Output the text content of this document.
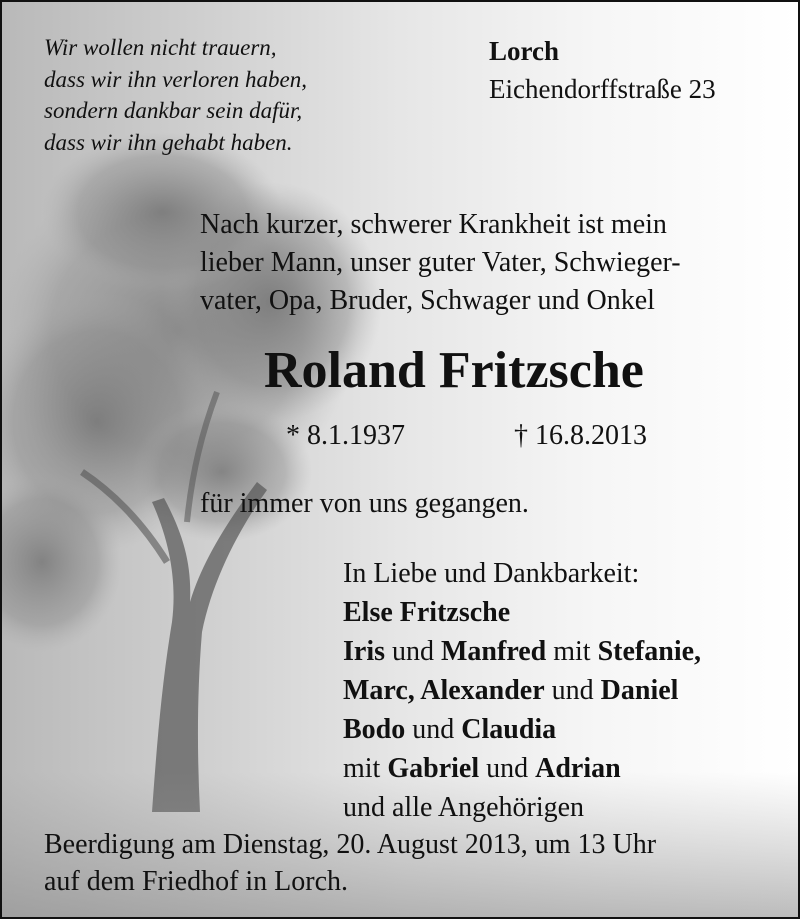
Wir wollen nicht trauern,
dass wir ihn verloren haben,
sondern dankbar sein dafür,
dass wir ihn gehabt haben.
Lorch
Eichendorffstraße 23
Nach kurzer, schwerer Krankheit ist mein
lieber Mann, unser guter Vater, Schwieger-
vater, Opa, Bruder, Schwager und Onkel
Roland Fritzsche
* 8.1.1937	† 16.8.2013
für immer von uns gegangen.
In Liebe und Dankbarkeit:
Else Fritzsche
Iris und Manfred mit Stefanie,
Marc, Alexander und Daniel
Bodo und Claudia
mit Gabriel und Adrian
und alle Angehörigen
Beerdigung am Dienstag, 20. August 2013, um 13 Uhr
auf dem Friedhof in Lorch.
